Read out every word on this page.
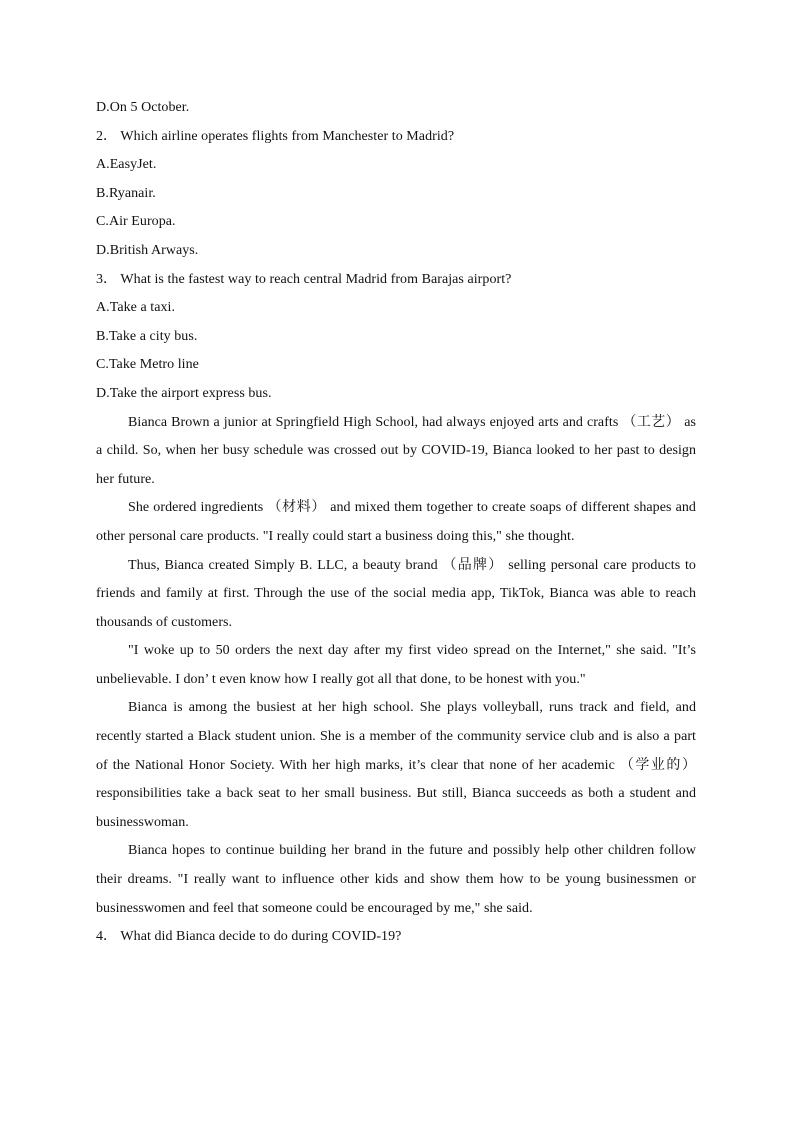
D.On 5 October.

2． Which airline operates flights from Manchester to Madrid?

A.EasyJet.

B.Ryanair.

C.Air Europa.

D.British Arways.

3． What is the fastest way to reach central Madrid from Barajas airport?

A.Take a taxi.

B.Take a city bus.

C.Take Metro line

D.Take the airport express bus.

Bianca Brown a junior at Springfield High School, had always enjoyed arts and crafts （工艺） as a child. So, when her busy schedule was crossed out by COVID-19, Bianca looked to her past to design her future.

She ordered ingredients （材料） and mixed them together to create soaps of different shapes and other personal care products. "I really could start a business doing this," she thought.

Thus, Bianca created Simply B. LLC, a beauty brand （品牌） selling personal care products to friends and family at first. Through the use of the social media app, TikTok, Bianca was able to reach thousands of customers.

"I woke up to 50 orders the next day after my first video spread on the Internet," she said. "It’s unbelievable. I don’ t even know how I really got all that done, to be honest with you."

Bianca is among the busiest at her high school. She plays volleyball, runs track and field, and recently started a Black student union. She is a member of the community service club and is also a part of the National Honor Society. With her high marks, it’s clear that none of her academic （学业的） responsibilities take a back seat to her small business. But still, Bianca succeeds as both a student and businesswoman.

Bianca hopes to continue building her brand in the future and possibly help other children follow their dreams. "I really want to influence other kids and show them how to be young businessmen or businesswomen and feel that someone could be encouraged by me," she said.

4． What did Bianca decide to do during COVID-19?
